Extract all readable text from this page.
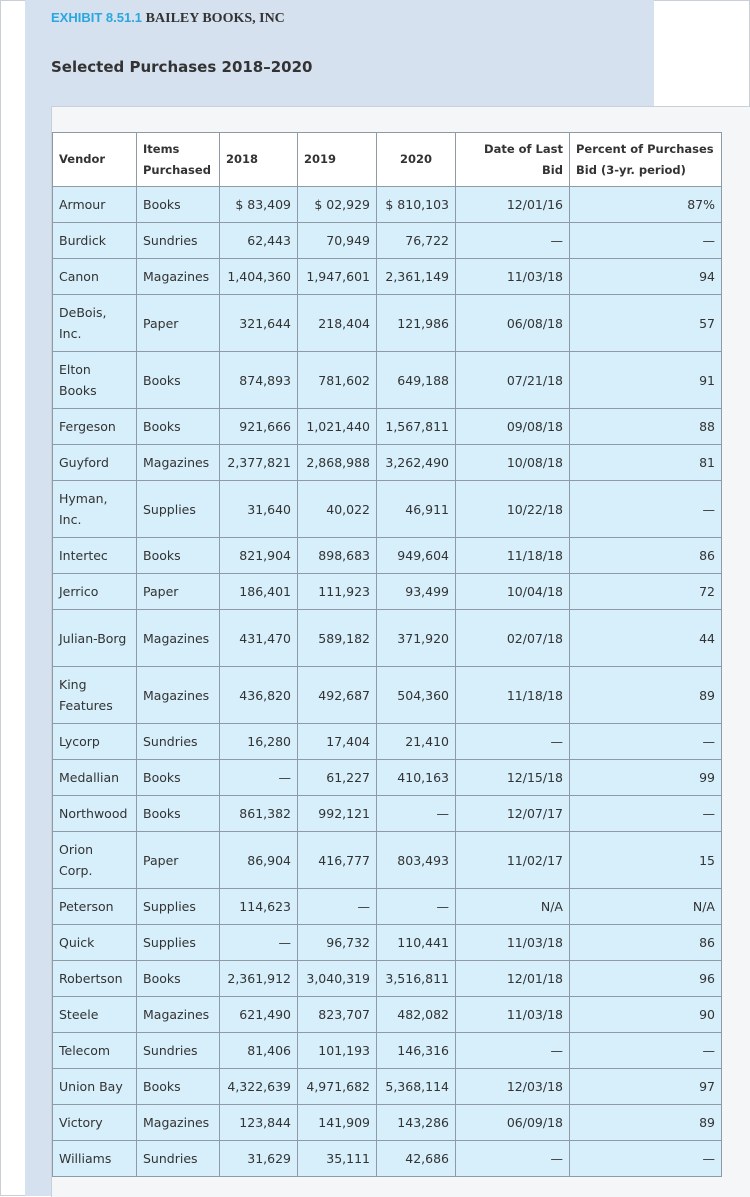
EXHIBIT 8.51.1 BAILEY BOOKS, INC
Selected Purchases 2018–2020
Vendor	Items Purchased	2018	2019	2020	Date of Last Bid	Percent of Purchases Bid (3-yr. period)
Armour	Books	$ 83,409	$ 02,929	$ 810,103	12/01/16	87%
Burdick	Sundries	62,443	70,949	76,722	—	—
Canon	Magazines	1,404,360	1,947,601	2,361,149	11/03/18	94
DeBois, Inc.	Paper	321,644	218,404	121,986	06/08/18	57
Elton Books	Books	874,893	781,602	649,188	07/21/18	91
Fergeson	Books	921,666	1,021,440	1,567,811	09/08/18	88
Guyford	Magazines	2,377,821	2,868,988	3,262,490	10/08/18	81
Hyman, Inc.	Supplies	31,640	40,022	46,911	10/22/18	—
Intertec	Books	821,904	898,683	949,604	11/18/18	86
Jerrico	Paper	186,401	111,923	93,499	10/04/18	72
Julian-Borg	Magazines	431,470	589,182	371,920	02/07/18	44
King Features	Magazines	436,820	492,687	504,360	11/18/18	89
Lycorp	Sundries	16,280	17,404	21,410	—	—
Medallian	Books	—	61,227	410,163	12/15/18	99
Northwood	Books	861,382	992,121	—	12/07/17	—
Orion Corp.	Paper	86,904	416,777	803,493	11/02/17	15
Peterson	Supplies	114,623	—	—	N/A	N/A
Quick	Supplies	—	96,732	110,441	11/03/18	86
Robertson	Books	2,361,912	3,040,319	3,516,811	12/01/18	96
Steele	Magazines	621,490	823,707	482,082	11/03/18	90
Telecom	Sundries	81,406	101,193	146,316	—	—
Union Bay	Books	4,322,639	4,971,682	5,368,114	12/03/18	97
Victory	Magazines	123,844	141,909	143,286	06/09/18	89
Williams	Sundries	31,629	35,111	42,686	—	—
